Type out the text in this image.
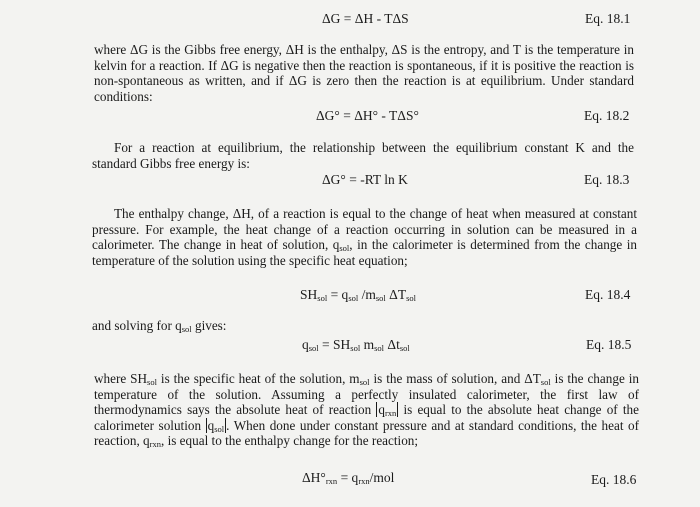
ΔG = ΔH - TΔS	Eq. 18.1

where ΔG is the Gibbs free energy, ΔH is the enthalpy, ΔS is the entropy, and T is the temperature in kelvin for a reaction. If ΔG is negative then the reaction is spontaneous, if it is positive the reaction is non-spontaneous as written, and if ΔG is zero then the reaction is at equilibrium. Under standard conditions:

ΔG° = ΔH° - TΔS°	Eq. 18.2

For a reaction at equilibrium, the relationship between the equilibrium constant K and the standard Gibbs free energy is:

ΔG° = -RT ln K	Eq. 18.3

The enthalpy change, ΔH, of a reaction is equal to the change of heat when measured at constant pressure. For example, the heat change of a reaction occurring in solution can be measured in a calorimeter. The change in heat of solution, $q_{sol}$, in the calorimeter is determined from the change in temperature of the solution using the specific heat equation;

$SH_{sol} = q_{sol}$ $/m_{sol}$ $\Delta T_{sol}$	Eq. 18.4

and solving for $q_{sol}$ gives:

$q_{sol} = SH_{sol}$ $m_{sol}$ $\Delta t_{sol}$	Eq. 18.5

where $SH_{sol}$ is the specific heat of the solution, $m_{sol}$ is the mass of solution, and $\Delta T_{sol}$ is the change in temperature of the solution. Assuming a perfectly insulated calorimeter, the first law of thermodynamics says the absolute heat of reaction $q_{rxn}$ is equal to the absolute heat change of the calorimeter solution $q_{sol}$ . When done under constant pressure and at standard conditions, the heat of reaction, $q_{rxn}$, is equal to the enthalpy change for the reaction;

$\Delta H^\circ_{rxn} = q_{rxn}/mol$	Eq. 18.6
